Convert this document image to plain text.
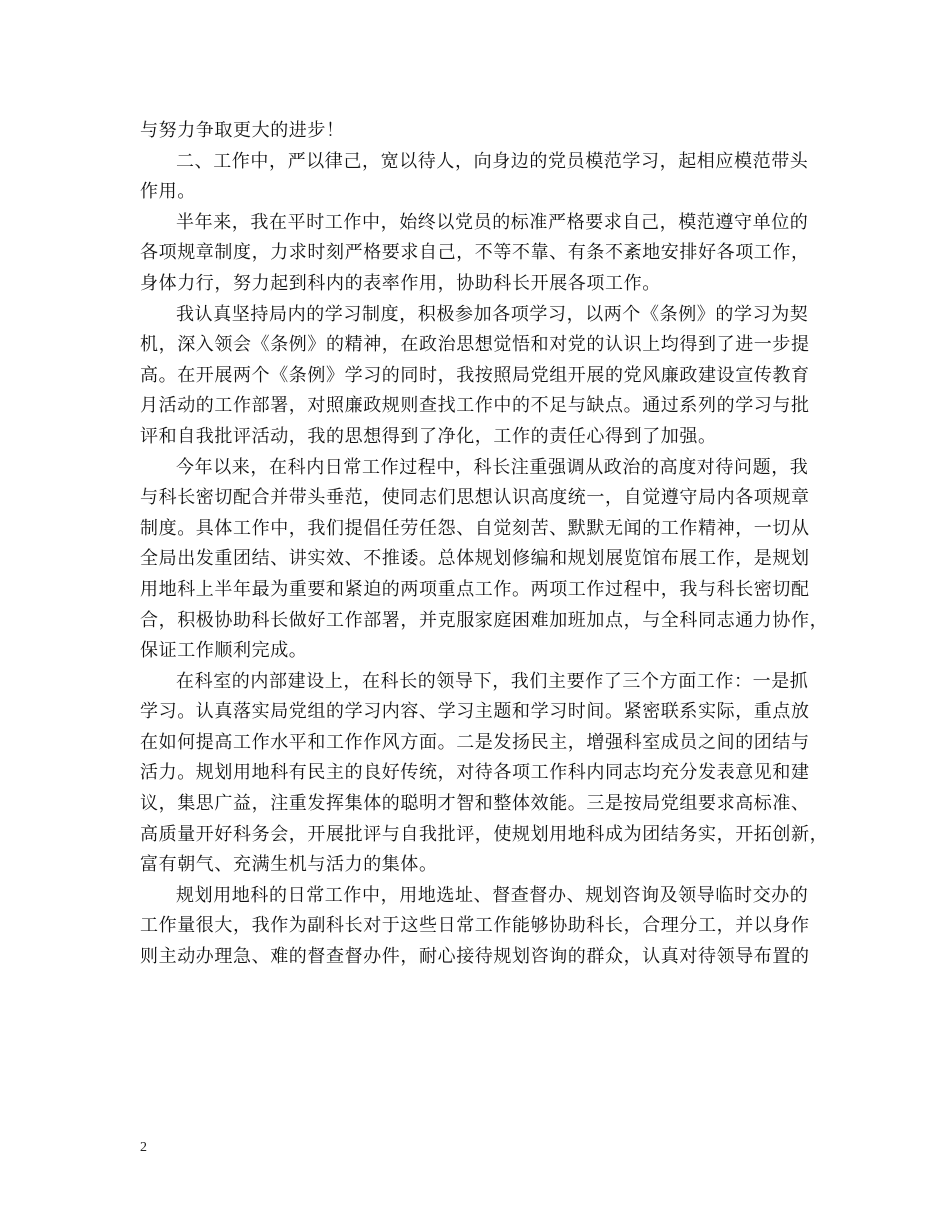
与努力争取更大的进步！
二、工作中，严以律己，宽以待人，向身边的党员模范学习，起相应模范带头
作用。
半年来，我在平时工作中，始终以党员的标准严格要求自己，模范遵守单位的
各项规章制度，力求时刻严格要求自己，不等不靠、有条不紊地安排好各项工作，
身体力行，努力起到科内的表率作用，协助科长开展各项工作。
我认真坚持局内的学习制度，积极参加各项学习，以两个《条例》的学习为契
机，深入领会《条例》的精神，在政治思想觉悟和对党的认识上均得到了进一步提
高。在开展两个《条例》学习的同时，我按照局党组开展的党风廉政建设宣传教育
月活动的工作部署，对照廉政规则查找工作中的不足与缺点。通过系列的学习与批
评和自我批评活动，我的思想得到了净化，工作的责任心得到了加强。
今年以来，在科内日常工作过程中，科长注重强调从政治的高度对待问题，我
与科长密切配合并带头垂范，使同志们思想认识高度统一，自觉遵守局内各项规章
制度。具体工作中，我们提倡任劳任怨、自觉刻苦、默默无闻的工作精神，一切从
全局出发重团结、讲实效、不推诿。总体规划修编和规划展览馆布展工作，是规划
用地科上半年最为重要和紧迫的两项重点工作。两项工作过程中，我与科长密切配
合，积极协助科长做好工作部署，并克服家庭困难加班加点，与全科同志通力协作，
保证工作顺利完成。
在科室的内部建设上，在科长的领导下，我们主要作了三个方面工作：一是抓
学习。认真落实局党组的学习内容、学习主题和学习时间。紧密联系实际，重点放
在如何提高工作水平和工作作风方面。二是发扬民主，增强科室成员之间的团结与
活力。规划用地科有民主的良好传统，对待各项工作科内同志均充分发表意见和建
议，集思广益，注重发挥集体的聪明才智和整体效能。三是按局党组要求高标准、
高质量开好科务会，开展批评与自我批评，使规划用地科成为团结务实，开拓创新，
富有朝气、充满生机与活力的集体。
规划用地科的日常工作中，用地选址、督查督办、规划咨询及领导临时交办的
工作量很大，我作为副科长对于这些日常工作能够协助科长，合理分工，并以身作
则主动办理急、难的督查督办件，耐心接待规划咨询的群众，认真对待领导布置的
2
